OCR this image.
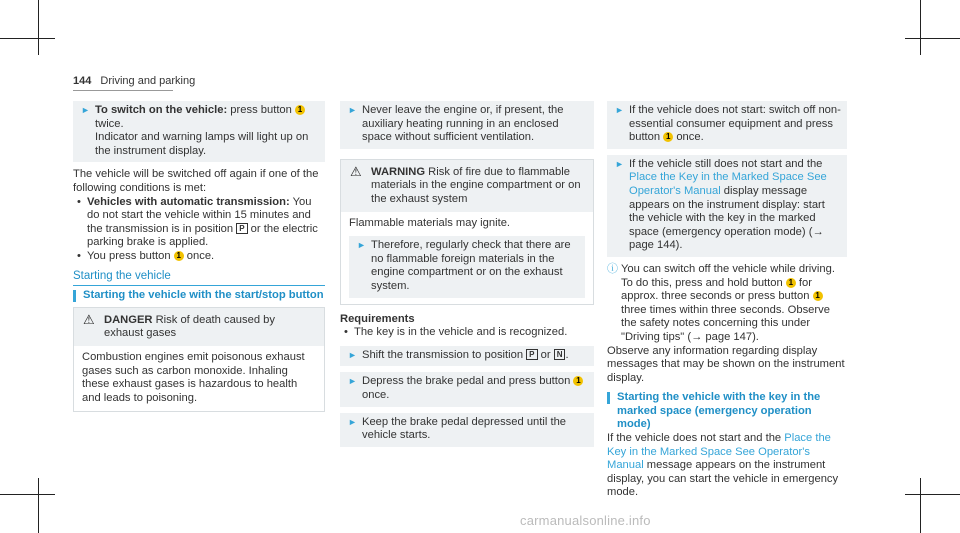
144 Driving and parking
► To switch on the vehicle: press button 1 twice.

Indicator and warning lamps will light up on the instrument display.

The vehicle will be switched off again if one of the following conditions is met:

• Vehicles with automatic transmission: You do not start the vehicle within 15 minutes and the transmission is in position P or the electric parking brake is applied.

• You press button 1 once.

Starting the vehicle
Starting the vehicle with the start/stop button
⚠ DANGER Risk of death caused by exhaust gases

Combustion engines emit poisonous exhaust gases such as carbon monoxide. Inhaling these exhaust gases is hazardous to health and leads to poisoning.

► Never leave the engine or, if present, the auxiliary heating running in an enclosed space without sufficient ventilation.
⚠ WARNING Risk of fire due to flammable materials in the engine compartment or on the exhaust system

Flammable materials may ignite.

► Therefore, regularly check that there are no flammable foreign materials in the engine compartment or on the exhaust system.

Requirements

• The key is in the vehicle and is recognized.

► Shift the transmission to position P or N .
► Depress the brake pedal and press button 1 once.
► Keep the brake pedal depressed until the vehicle starts.
► If the vehicle does not start: switch off non-essential consumer equipment and press button 1 once.
► If the vehicle still does not start and the Place the Key in the Marked Space See Operator's Manual display message appears on the instrument display: start the vehicle with the key in the marked space (emergency operation mode) (→ page 144).

ⓘ You can switch off the vehicle while driving. To do this, press and hold button 1 for approx. three seconds or press button 1 three times within three seconds. Observe the safety notes concerning this under "Driving tips" (→ page 147).

Observe any information regarding display messages that may be shown on the instrument display.

Starting the vehicle with the key in the marked space (emergency operation mode)

If the vehicle does not start and the Place the Key in the Marked Space See Operator's Manual message appears on the instrument display, you can start the vehicle in emergency mode.

carmanualsonline.info
